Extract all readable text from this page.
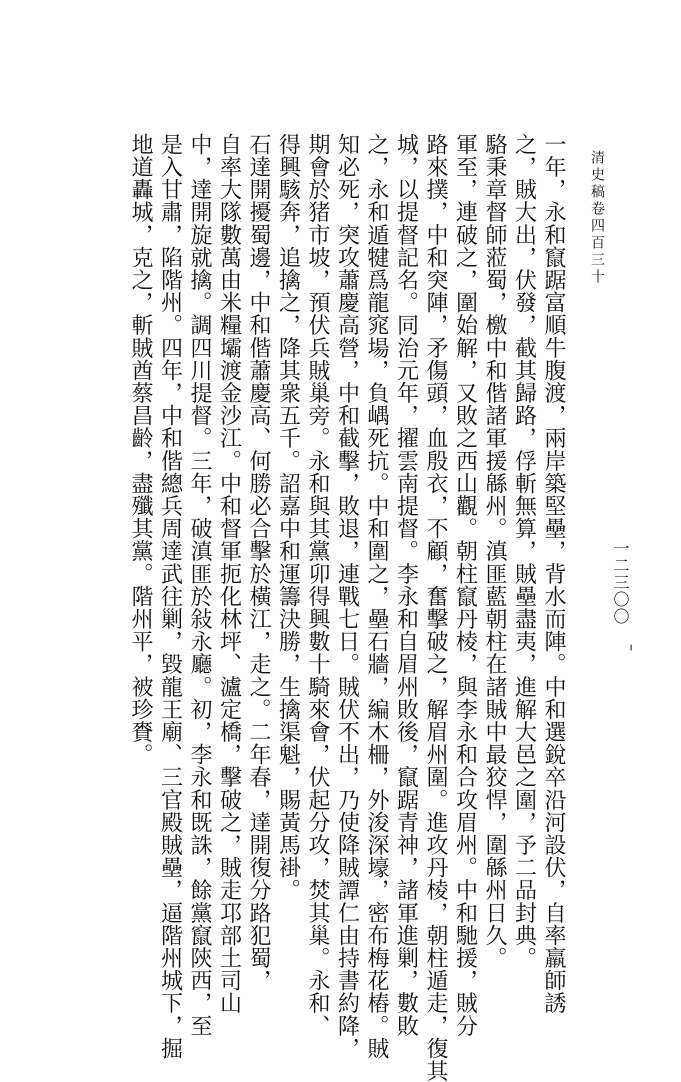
清史稿卷四百三十
一二三〇〇
一年，永和竄踞富順牛腹渡，兩岸築堅壘，背水而陣。中和選銳卒沿河設伏，自率羸師誘
之，賊大出，伏發，截其歸路，俘斬無算，賊壘盡夷，進解大邑之圍，予二品封典。
駱秉章督師蒞蜀，檄中和偕諸軍援緜州。滇匪藍朝柱在諸賊中最狡悍，圍緜州日久。
軍至，連破之，圍始解，又敗之西山觀。朝柱竄丹棱，與李永和合攻眉州。中和馳援，賊分
路來撲，中和突陣，矛傷頭，血殷衣，不顧，奮擊破之，解眉州圍。進攻丹棱，朝柱遁走，復其
城，以提督記名。同治元年，擢雲南提督。李永和自眉州敗後，竄踞青神，諸軍進剿，數敗
之，永和遁犍爲龍窕場，負嵎死抗。中和圍之，壘石牆，編木柵，外浚深壕，密布梅花樁。賊
知必死，突攻蕭慶高營，中和截擊，敗退，連戰七日。賊伏不出，乃使降賊譚仁由持書約降，
期會於猪市坡，預伏兵賊巢旁。永和與其黨卯得興數十騎來會，伏起分攻，焚其巢。永和、
得興駭奔，追擒之，降其衆五千。詔嘉中和運籌決勝，生擒渠魁，賜黃馬褂。
石達開擾蜀邊，中和偕蕭慶高、何勝必合擊於橫江，走之。二年春，達開復分路犯蜀，
自率大隊數萬由米糧壩渡金沙江。中和督軍扼化林坪、瀘定橋，擊破之，賊走邛部土司山
中，達開旋就擒。調四川提督。三年，破滇匪於敍永廳。初，李永和既誅，餘黨竄陝西，至
是入甘肅，陷階州。四年，中和偕總兵周達武往剿，毀龍王廟、三官殿賊壘，逼階州城下，掘
地道轟城，克之，斬賊酋蔡昌齡，盡殲其黨。階州平，被珍賚。	╻
